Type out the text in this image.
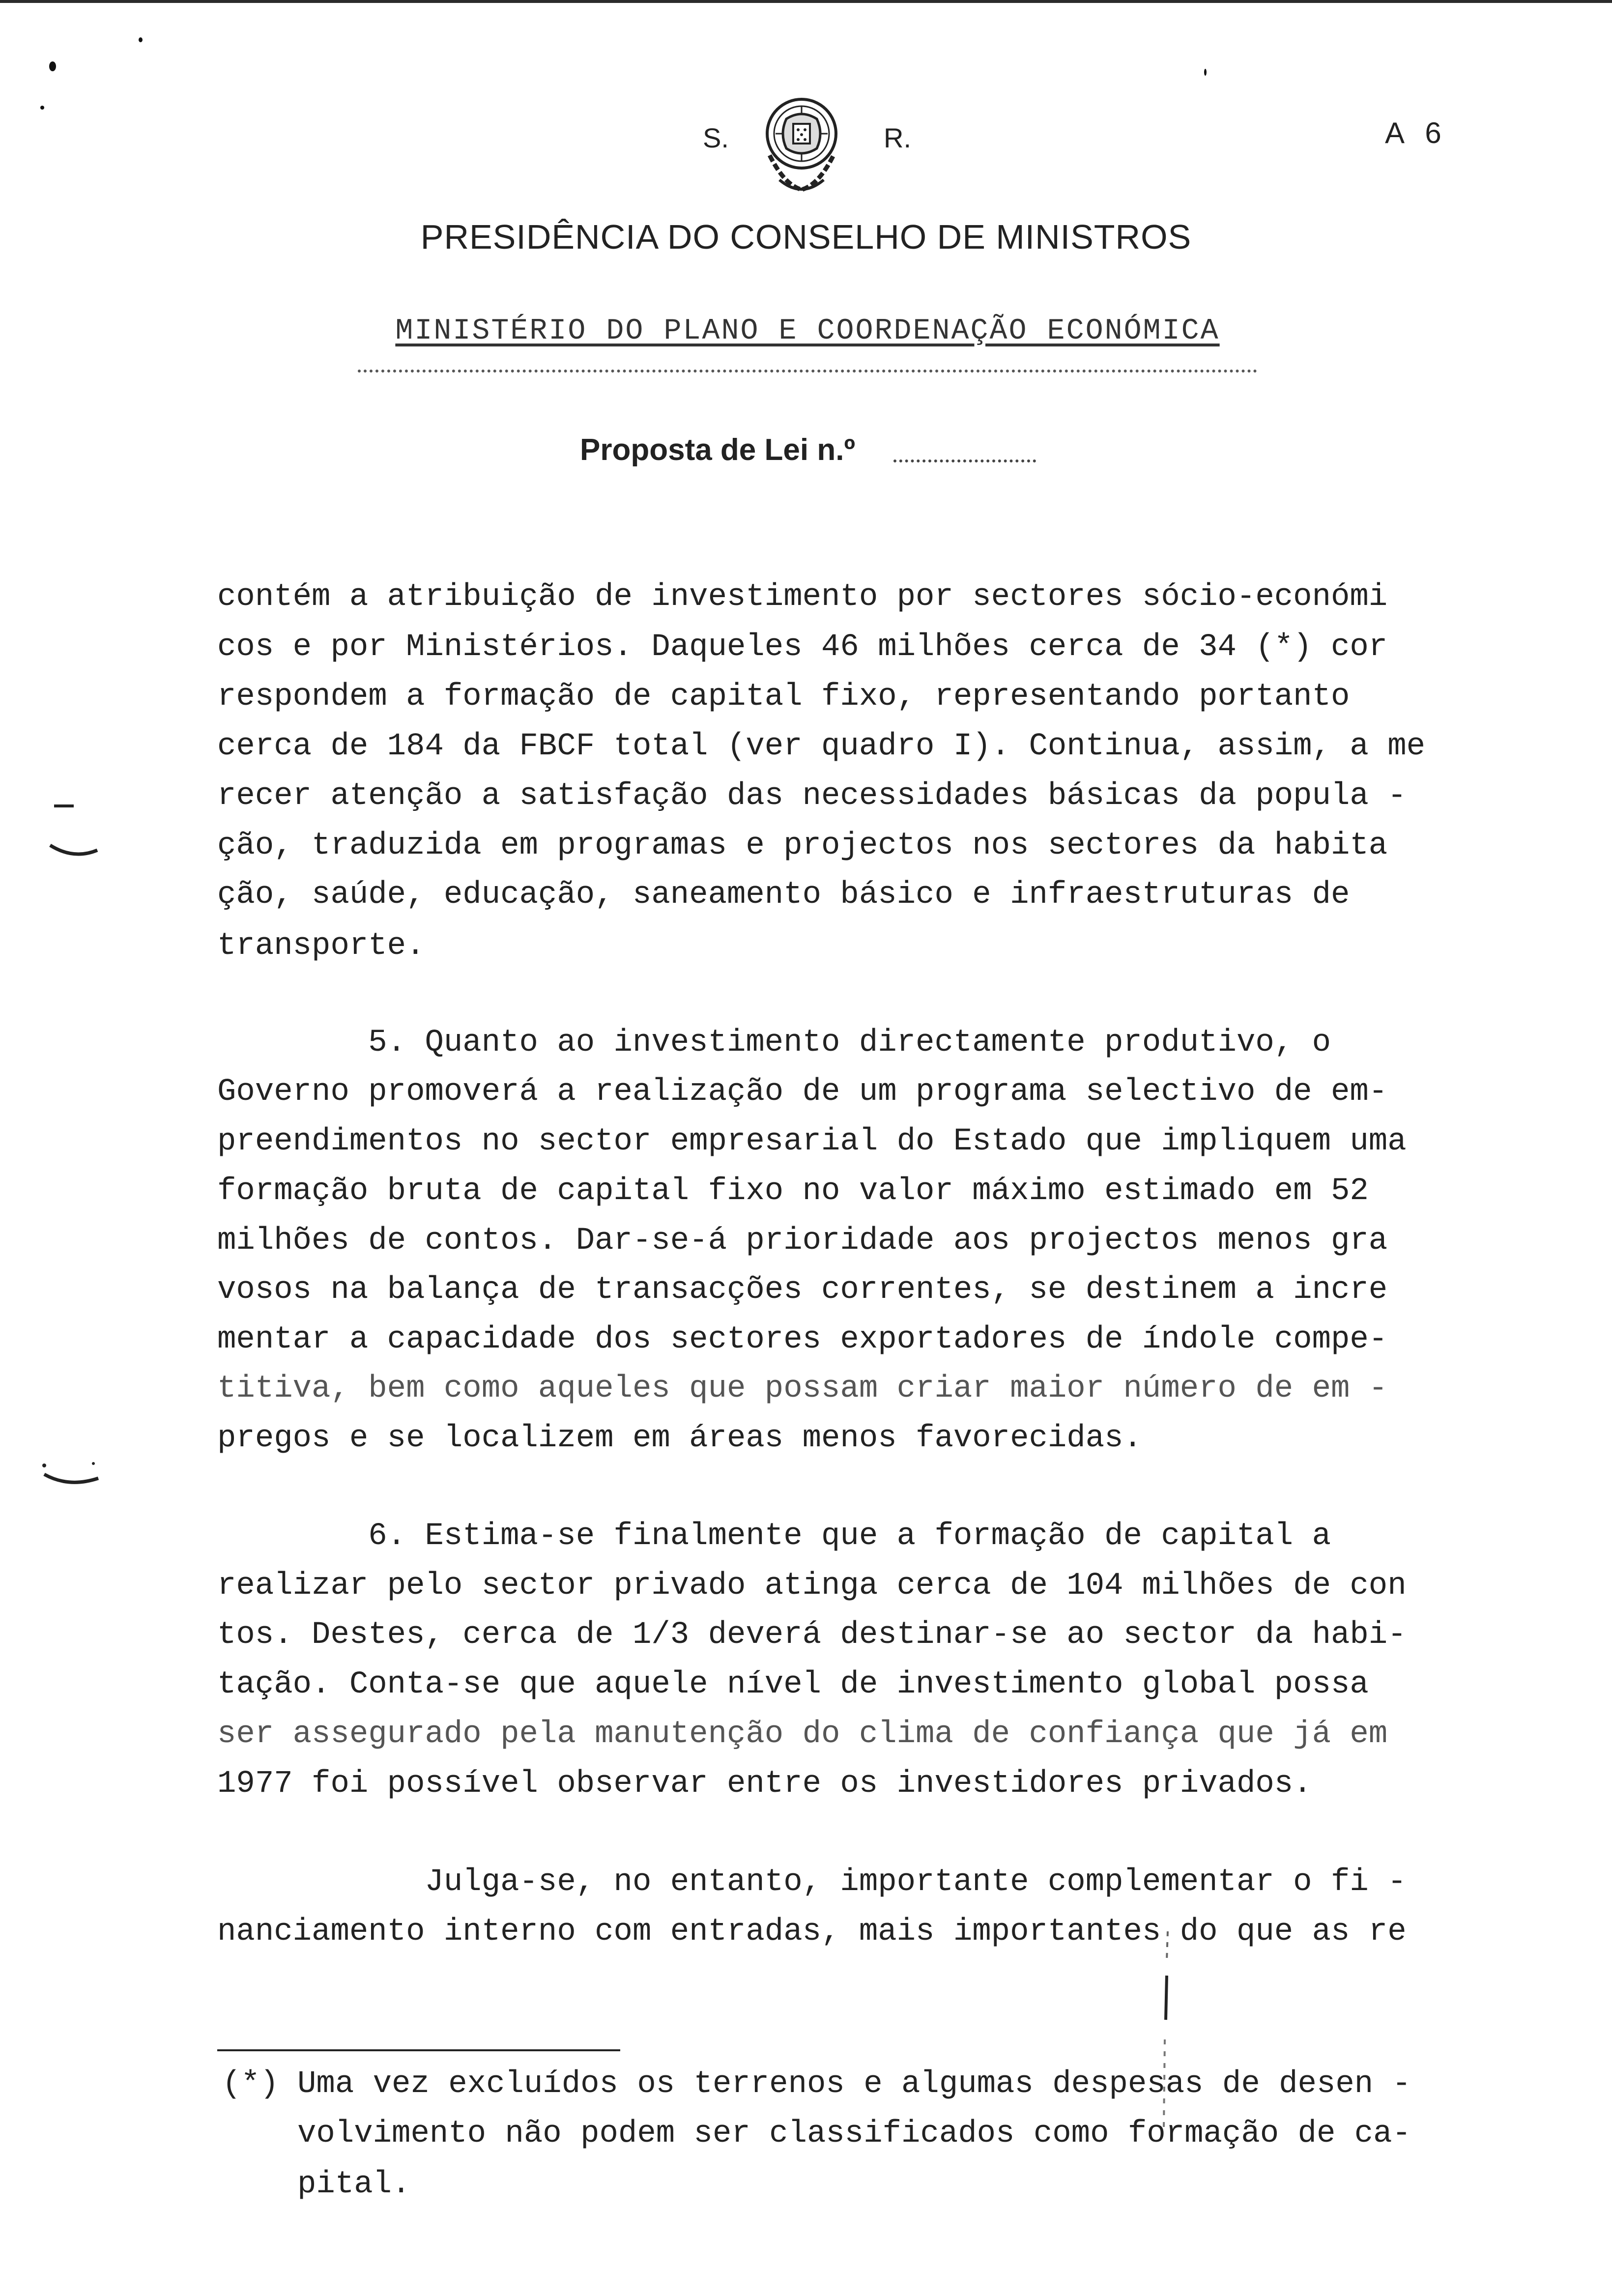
S.	R.	A 6
PRESIDÊNCIA DO CONSELHO DE MINISTROS
MINISTÉRIO DO PLANO E COORDENAÇÃO ECONÓMICA
Proposta de Lei n.º
contém a atribuição de investimento por sectores sócio-económi
cos e por Ministérios. Daqueles 46 milhões cerca de 34 (*) cor
respondem a formação de capital fixo, representando portanto
cerca de 184 da FBCF total (ver quadro I). Continua, assim, a me
recer atenção a satisfação das necessidades básicas da popula -
ção, traduzida em programas e projectos nos sectores da habita
ção, saúde, educação, saneamento básico e infraestruturas de
transporte.
5. Quanto ao investimento directamente produtivo, o
Governo promoverá a realização de um programa selectivo de em-
preendimentos no sector empresarial do Estado que impliquem uma
formação bruta de capital fixo no valor máximo estimado em 52
milhões de contos. Dar-se-á prioridade aos projectos menos gra
vosos na balança de transacções correntes, se destinem a incre
mentar a capacidade dos sectores exportadores de índole compe-
titiva, bem como aqueles que possam criar maior número de em -
pregos e se localizem em áreas menos favorecidas.
6. Estima-se finalmente que a formação de capital a
realizar pelo sector privado atinga cerca de 104 milhões de con
tos. Destes, cerca de 1/3 deverá destinar-se ao sector da habi-
tação. Conta-se que aquele nível de investimento global possa
ser assegurado pela manutenção do clima de confiança que já em
1977 foi possível observar entre os investidores privados.
Julga-se, no entanto, importante complementar o fi -
nanciamento interno com entradas, mais importantes do que as re
(*) Uma vez excluídos os terrenos e algumas despesas de desen -
volvimento não podem ser classificados como formação de ca-
pital.
